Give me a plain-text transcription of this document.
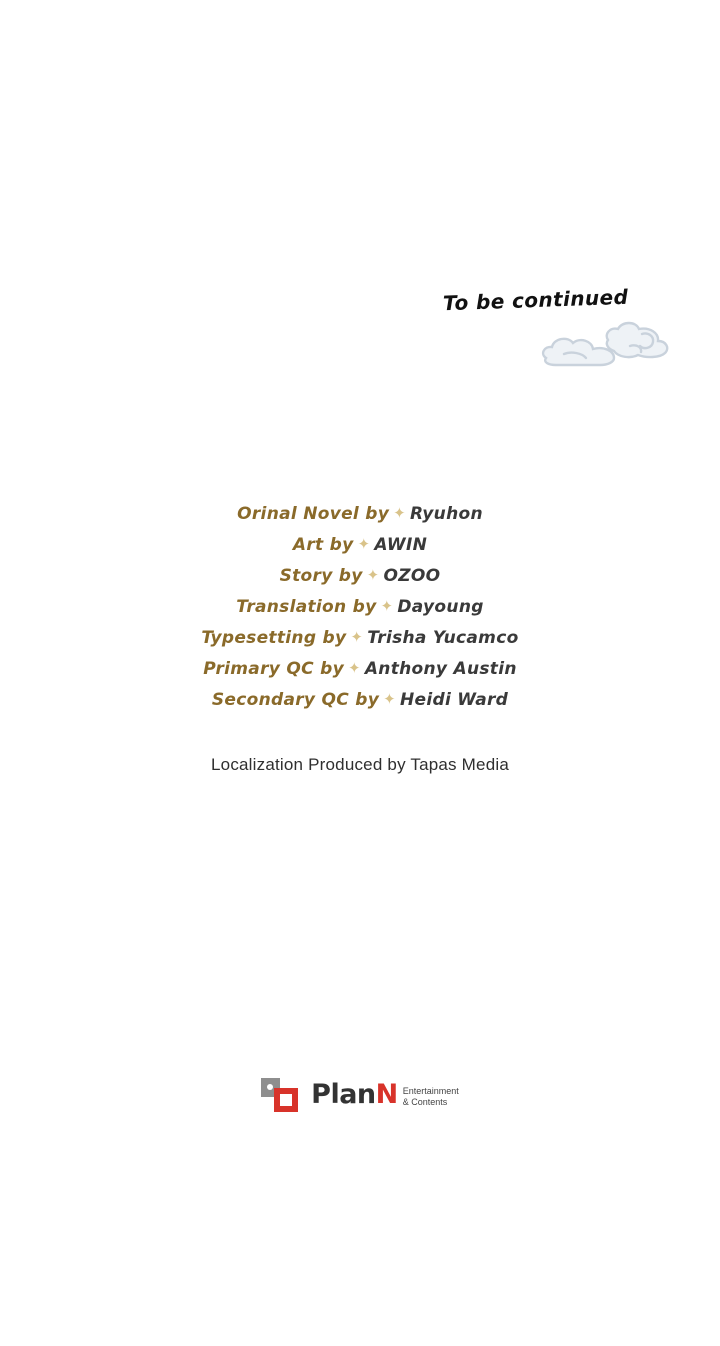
To be continued
Orinal Novel by ✦ Ryuhon
Art by ✦ AWIN
Story by ✦ OZOO
Translation by ✦ Dayoung
Typesetting by ✦ Trisha Yucamco
Primary QC by ✦ Anthony Austin
Secondary QC by ✦ Heidi Ward
Localization Produced by Tapas Media
PlanN Entertainment
& Contents
